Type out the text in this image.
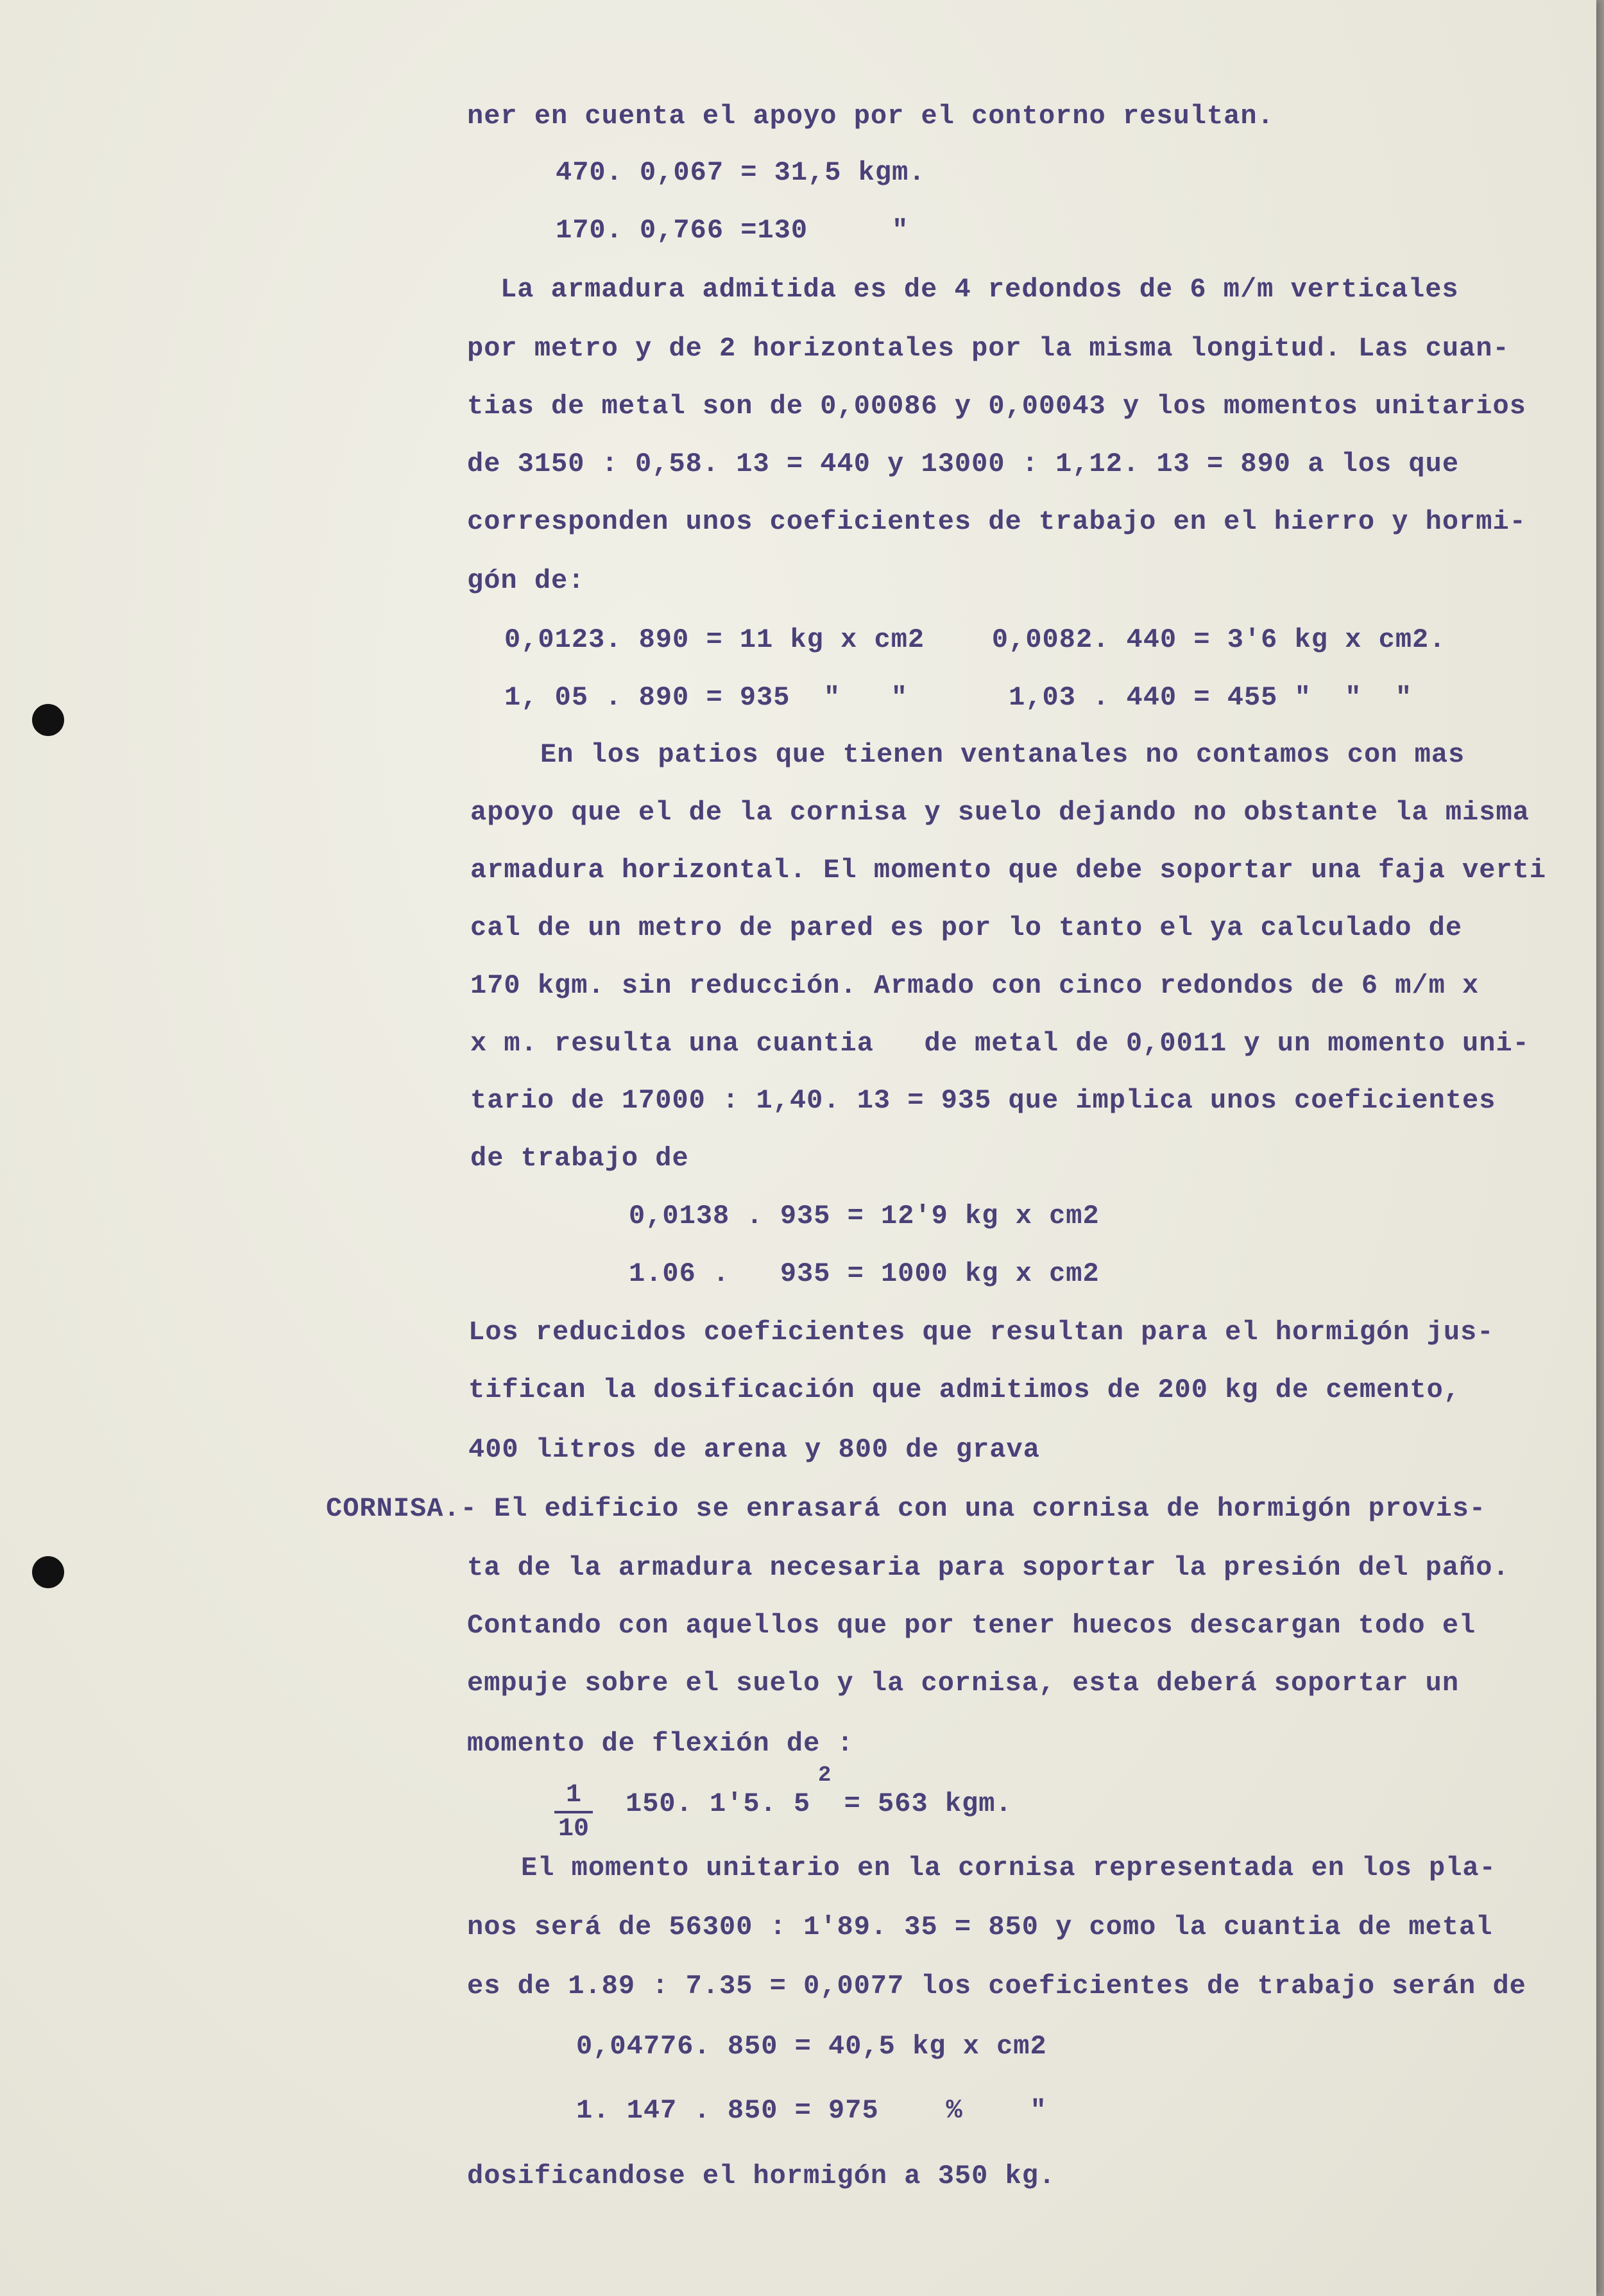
ner en cuenta el apoyo por el contorno resultan.
470. 0,067 = 31,5 kgm.
170. 0,766 =130     "
La armadura admitida es de 4 redondos de 6 m/m verticales
por metro y de 2 horizontales por la misma longitud. Las cuan-
tias de metal son de 0,00086 y 0,00043 y los momentos unitarios
de 3150 : 0,58. 13 = 440 y 13000 : 1,12. 13 = 890 a los que
corresponden unos coeficientes de trabajo en el hierro y hormi-
gón de:
0,0123. 890 = 11 kg x cm2    0,0082. 440 = 3'6 kg x cm2.
1, 05 . 890 = 935  "   "      1,03 . 440 = 455 "  "  "
En los patios que tienen ventanales no contamos con mas
apoyo que el de la cornisa y suelo dejando no obstante la misma
armadura horizontal. El momento que debe soportar una faja verti
cal de un metro de pared es por lo tanto el ya calculado de
170 kgm. sin reducción. Armado con cinco redondos de 6 m/m x
x m. resulta una cuantia   de metal de 0,0011 y un momento uni-
tario de 17000 : 1,40. 13 = 935 que implica unos coeficientes
de trabajo de
0,0138 . 935 = 12'9 kg x cm2
1.06 .   935 = 1000 kg x cm2
Los reducidos coeficientes que resultan para el hormigón jus-
tifican la dosificación que admitimos de 200 kg de cemento,
400 litros de arena y 800 de grava
CORNISA.- El edificio se enrasará con una cornisa de hormigón provis-
ta de la armadura necesaria para soportar la presión del paño.
Contando con aquellos que por tener huecos descargan todo el
empuje sobre el suelo y la cornisa, esta deberá soportar un
momento de flexión de :
$\frac{1}{10}$
2
150. 1'5. 5  = 563 kgm.
El momento unitario en la cornisa representada en los pla-
nos será de 56300 : 1'89. 35 = 850 y como la cuantia de metal
es de 1.89 : 7.35 = 0,0077 los coeficientes de trabajo serán de
0,04776. 850 = 40,5 kg x cm2
1. 147 . 850 = 975    %    "
dosificandose el hormigón a 350 kg.
